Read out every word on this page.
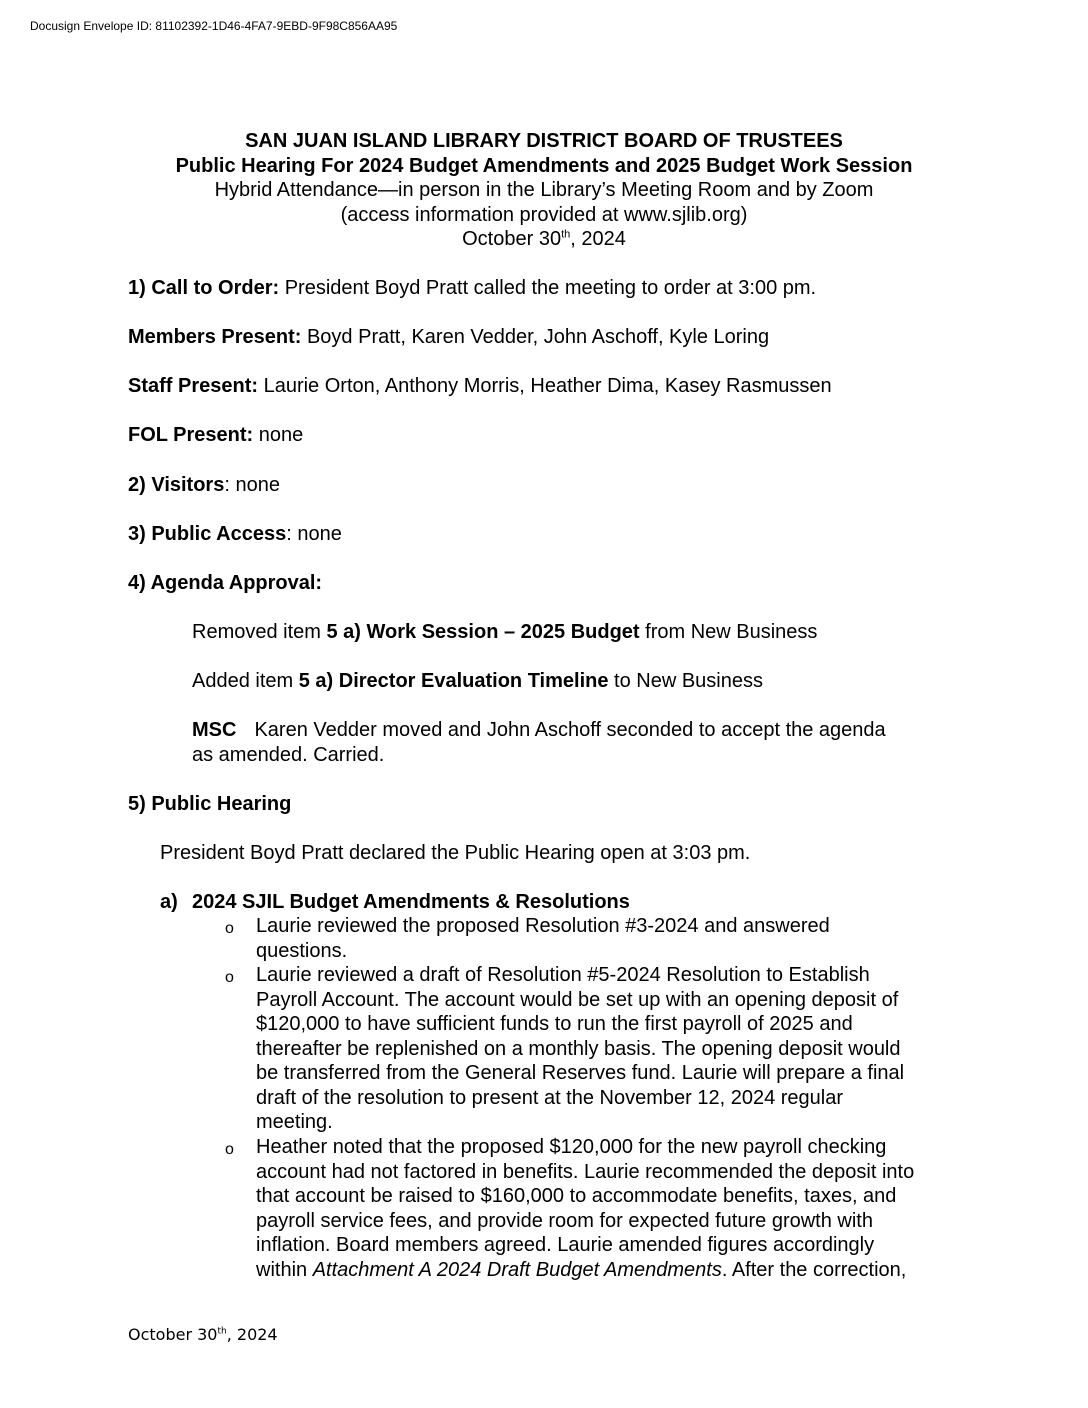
Docusign Envelope ID: 81102392-1D46-4FA7-9EBD-9F98C856AA95
SAN JUAN ISLAND LIBRARY DISTRICT BOARD OF TRUSTEES
Public Hearing For 2024 Budget Amendments and 2025 Budget Work Session
Hybrid Attendance—in person in the Library’s Meeting Room and by Zoom
(access information provided at www.sjlib.org)
October 30th, 2024
1) Call to Order: President Boyd Pratt called the meeting to order at 3:00 pm.
Members Present: Boyd Pratt, Karen Vedder, John Aschoff, Kyle Loring
Staff Present: Laurie Orton, Anthony Morris, Heather Dima, Kasey Rasmussen
FOL Present: none
2) Visitors: none
3) Public Access: none
4) Agenda Approval:
Removed item 5 a) Work Session – 2025 Budget from New Business
Added item 5 a) Director Evaluation Timeline to New Business
MSC Karen Vedder moved and John Aschoff seconded to accept the agenda
as amended. Carried.
5) Public Hearing
President Boyd Pratt declared the Public Hearing open at 3:03 pm.
a) 2024 SJIL Budget Amendments & Resolutions
o Laurie reviewed the proposed Resolution #3-2024 and answered
questions.
o Laurie reviewed a draft of Resolution #5-2024 Resolution to Establish
Payroll Account. The account would be set up with an opening deposit of
$120,000 to have sufficient funds to run the first payroll of 2025 and
thereafter be replenished on a monthly basis. The opening deposit would
be transferred from the General Reserves fund. Laurie will prepare a final
draft of the resolution to present at the November 12, 2024 regular
meeting.
o Heather noted that the proposed $120,000 for the new payroll checking
account had not factored in benefits. Laurie recommended the deposit into
that account be raised to $160,000 to accommodate benefits, taxes, and
payroll service fees, and provide room for expected future growth with
inflation. Board members agreed. Laurie amended figures accordingly
within Attachment A 2024 Draft Budget Amendments. After the correction,
October 30th, 2024
